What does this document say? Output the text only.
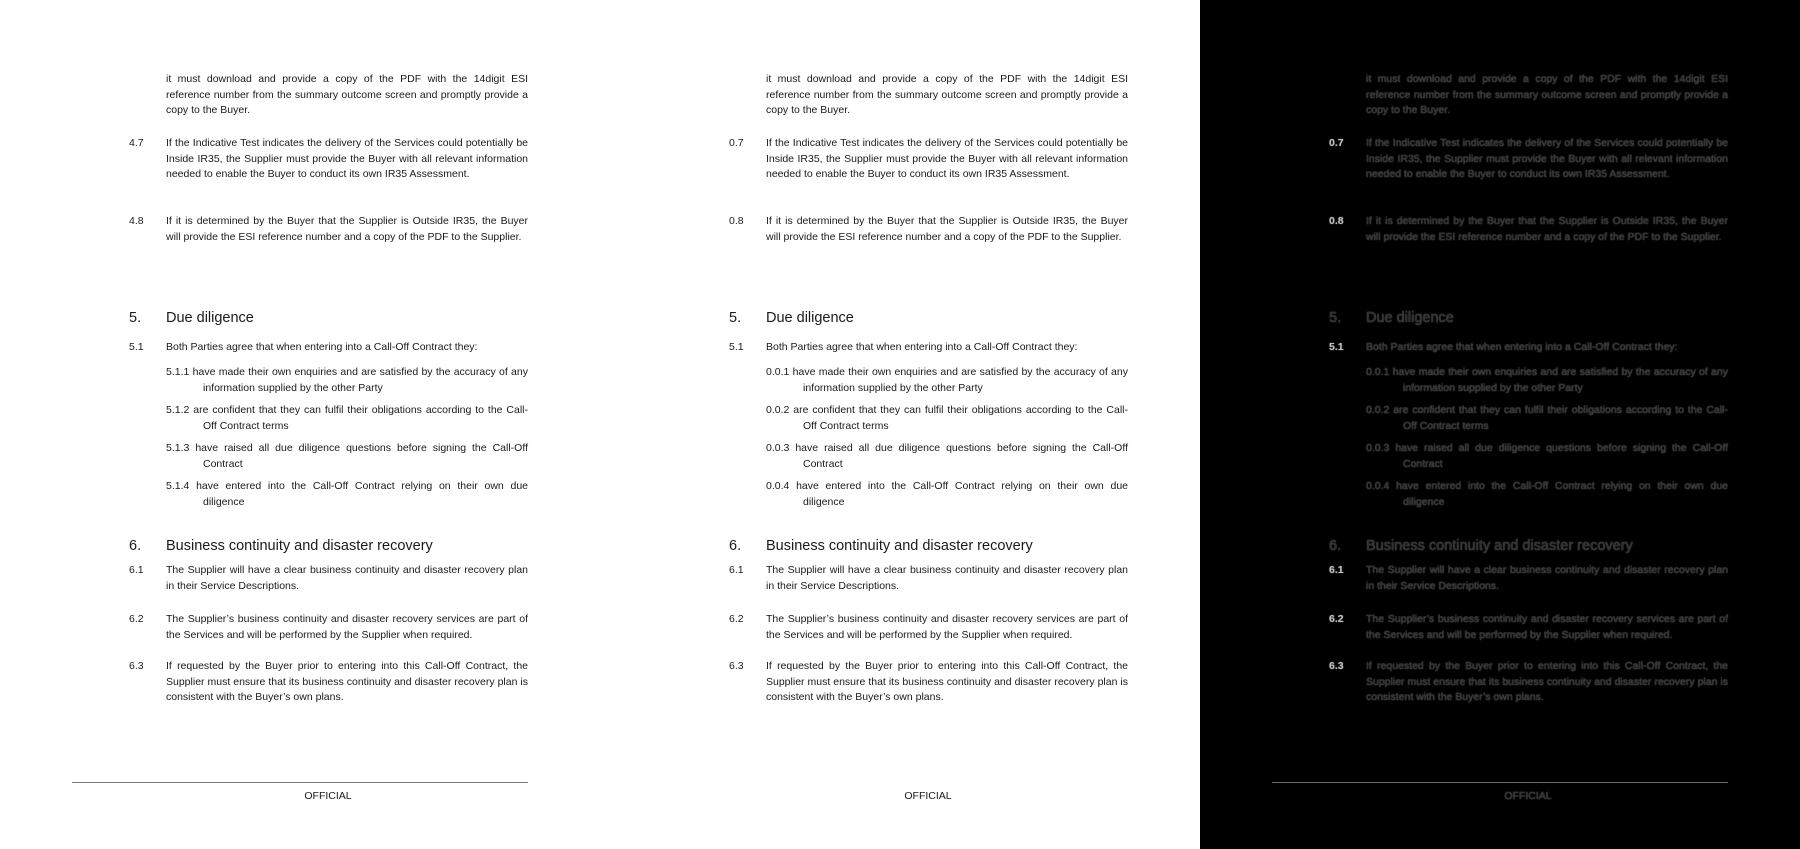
it must download and provide a copy of the PDF with the 14digit ESI reference number from the summary outcome screen and promptly provide a copy to the Buyer.
4.7	If the Indicative Test indicates the delivery of the Services could potentially be Inside IR35, the Supplier must provide the Buyer with all relevant information needed to enable the Buyer to conduct its own IR35 Assessment.
4.8	If it is determined by the Buyer that the Supplier is Outside IR35, the Buyer will provide the ESI reference number and a copy of the PDF to the Supplier.
5. Due diligence
5.1	Both Parties agree that when entering into a Call-Off Contract they:
5.1.1 have made their own enquiries and are satisfied by the accuracy of any information supplied by the other Party
5.1.2 are confident that they can fulfil their obligations according to the Call-Off Contract terms
5.1.3 have raised all due diligence questions before signing the Call-Off Contract
5.1.4 have entered into the Call-Off Contract relying on their own due diligence
6. Business continuity and disaster recovery
6.1	The Supplier will have a clear business continuity and disaster recovery plan in their Service Descriptions.
6.2	The Supplier’s business continuity and disaster recovery services are part of the Services and will be performed by the Supplier when required.
6.3	If requested by the Buyer prior to entering into this Call-Off Contract, the Supplier must ensure that its business continuity and disaster recovery plan is consistent with the Buyer’s own plans.
OFFICIAL
it must download and provide a copy of the PDF with the 14digit ESI reference number from the summary outcome screen and promptly provide a copy to the Buyer.
0.7	If the Indicative Test indicates the delivery of the Services could potentially be Inside IR35, the Supplier must provide the Buyer with all relevant information needed to enable the Buyer to conduct its own IR35 Assessment.
0.8	If it is determined by the Buyer that the Supplier is Outside IR35, the Buyer will provide the ESI reference number and a copy of the PDF to the Supplier.
5. Due diligence
5.1	Both Parties agree that when entering into a Call-Off Contract they:
0.0.1 have made their own enquiries and are satisfied by the accuracy of any information supplied by the other Party
0.0.2 are confident that they can fulfil their obligations according to the Call-Off Contract terms
0.0.3 have raised all due diligence questions before signing the Call-Off Contract
0.0.4 have entered into the Call-Off Contract relying on their own due diligence
6. Business continuity and disaster recovery
6.1	The Supplier will have a clear business continuity and disaster recovery plan in their Service Descriptions.
6.2	The Supplier’s business continuity and disaster recovery services are part of the Services and will be performed by the Supplier when required.
6.3	If requested by the Buyer prior to entering into this Call-Off Contract, the Supplier must ensure that its business continuity and disaster recovery plan is consistent with the Buyer’s own plans.
OFFICIAL
it must download and provide a copy of the PDF with the 14digit ESI reference number from the summary outcome screen and promptly provide a copy to the Buyer.
0.7	If the Indicative Test indicates the delivery of the Services could potentially be Inside IR35, the Supplier must provide the Buyer with all relevant information needed to enable the Buyer to conduct its own IR35 Assessment.
0.8	If it is determined by the Buyer that the Supplier is Outside IR35, the Buyer will provide the ESI reference number and a copy of the PDF to the Supplier.
5. Due diligence
5.1	Both Parties agree that when entering into a Call-Off Contract they:
0.0.1 have made their own enquiries and are satisfied by the accuracy of any information supplied by the other Party
0.0.2 are confident that they can fulfil their obligations according to the Call-Off Contract terms
0.0.3 have raised all due diligence questions before signing the Call-Off Contract
0.0.4 have entered into the Call-Off Contract relying on their own due diligence
6. Business continuity and disaster recovery
6.1	The Supplier will have a clear business continuity and disaster recovery plan in their Service Descriptions.
6.2	The Supplier’s business continuity and disaster recovery services are part of the Services and will be performed by the Supplier when required.
6.3	If requested by the Buyer prior to entering into this Call-Off Contract, the Supplier must ensure that its business continuity and disaster recovery plan is consistent with the Buyer’s own plans.
OFFICIAL
